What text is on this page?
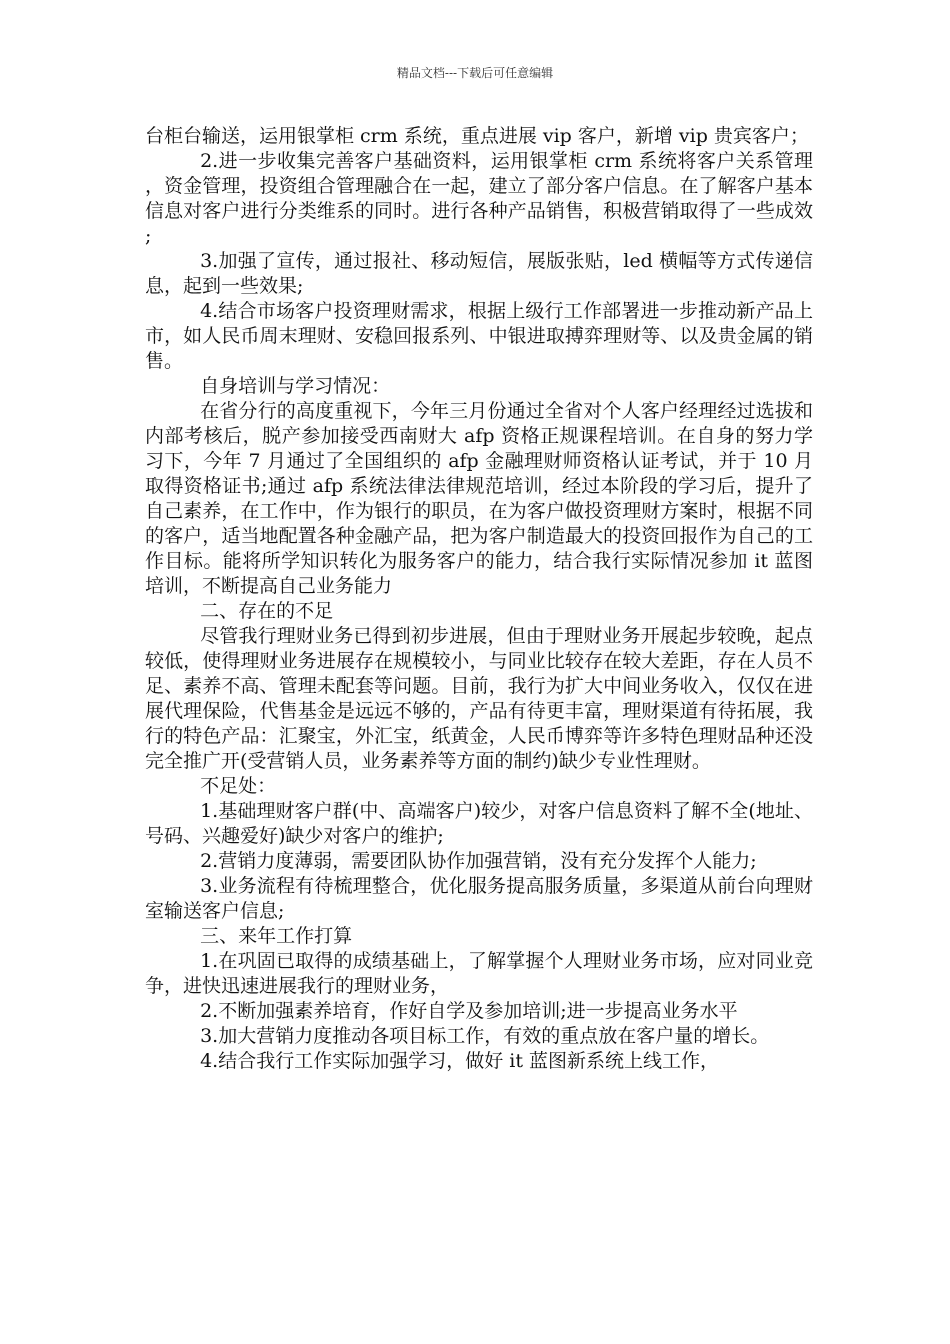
精品文档---下载后可任意编辑

台柜台输送，运用银掌柜 crm 系统，重点进展 vip 客户，新增 vip 贵宾客户；

2.进一步收集完善客户基础资料，运用银掌柜 crm 系统将客户关系管理，资金管理，投资组合管理融合在一起，建立了部分客户信息。在了解客户基本信息对客户进行分类维系的同时。进行各种产品销售，积极营销取得了一些成效;

3.加强了宣传，通过报社、移动短信，展版张贴，led 横幅等方式传递信息，起到一些效果;

4.结合市场客户投资理财需求，根据上级行工作部署进一步推动新产品上市，如人民币周末理财、安稳回报系列、中银进取搏弈理财等、以及贵金属的销售。

自身培训与学习情况：

在省分行的高度重视下，今年三月份通过全省对个人客户经理经过选拔和内部考核后，脱产参加接受西南财大 afp 资格正规课程培训。在自身的努力学习下，今年 7 月通过了全国组织的 afp 金融理财师资格认证考试，并于 10 月取得资格证书;通过 afp 系统法律法律规范培训，经过本阶段的学习后，提升了自己素养，在工作中，作为银行的职员，在为客户做投资理财方案时，根据不同的客户，适当地配置各种金融产品，把为客户制造最大的投资回报作为自己的工作目标。能将所学知识转化为服务客户的能力，结合我行实际情况参加 it 蓝图培训，不断提高自己业务能力

二、存在的不足

尽管我行理财业务已得到初步进展，但由于理财业务开展起步较晚，起点较低，使得理财业务进展存在规模较小，与同业比较存在较大差距，存在人员不足、素养不高、管理未配套等问题。目前，我行为扩大中间业务收入，仅仅在进展代理保险，代售基金是远远不够的，产品有待更丰富，理财渠道有待拓展，我行的特色产品：汇聚宝，外汇宝，纸黄金，人民币博弈等许多特色理财品种还没完全推广开(受营销人员，业务素养等方面的制约)缺少专业性理财。

不足处：

1.基础理财客户群(中、高端客户)较少，对客户信息资料了解不全(地址、号码、兴趣爱好)缺少对客户的维护;

2.营销力度薄弱，需要团队协作加强营销，没有充分发挥个人能力;

3.业务流程有待梳理整合，优化服务提高服务质量，多渠道从前台向理财室输送客户信息;

三、来年工作打算

1.在巩固已取得的成绩基础上，了解掌握个人理财业务市场，应对同业竞争，进快迅速进展我行的理财业务，

2.不断加强素养培育，作好自学及参加培训;进一步提高业务水平

3.加大营销力度推动各项目标工作，有效的重点放在客户量的增长。

4.结合我行工作实际加强学习，做好 it 蓝图新系统上线工作，
